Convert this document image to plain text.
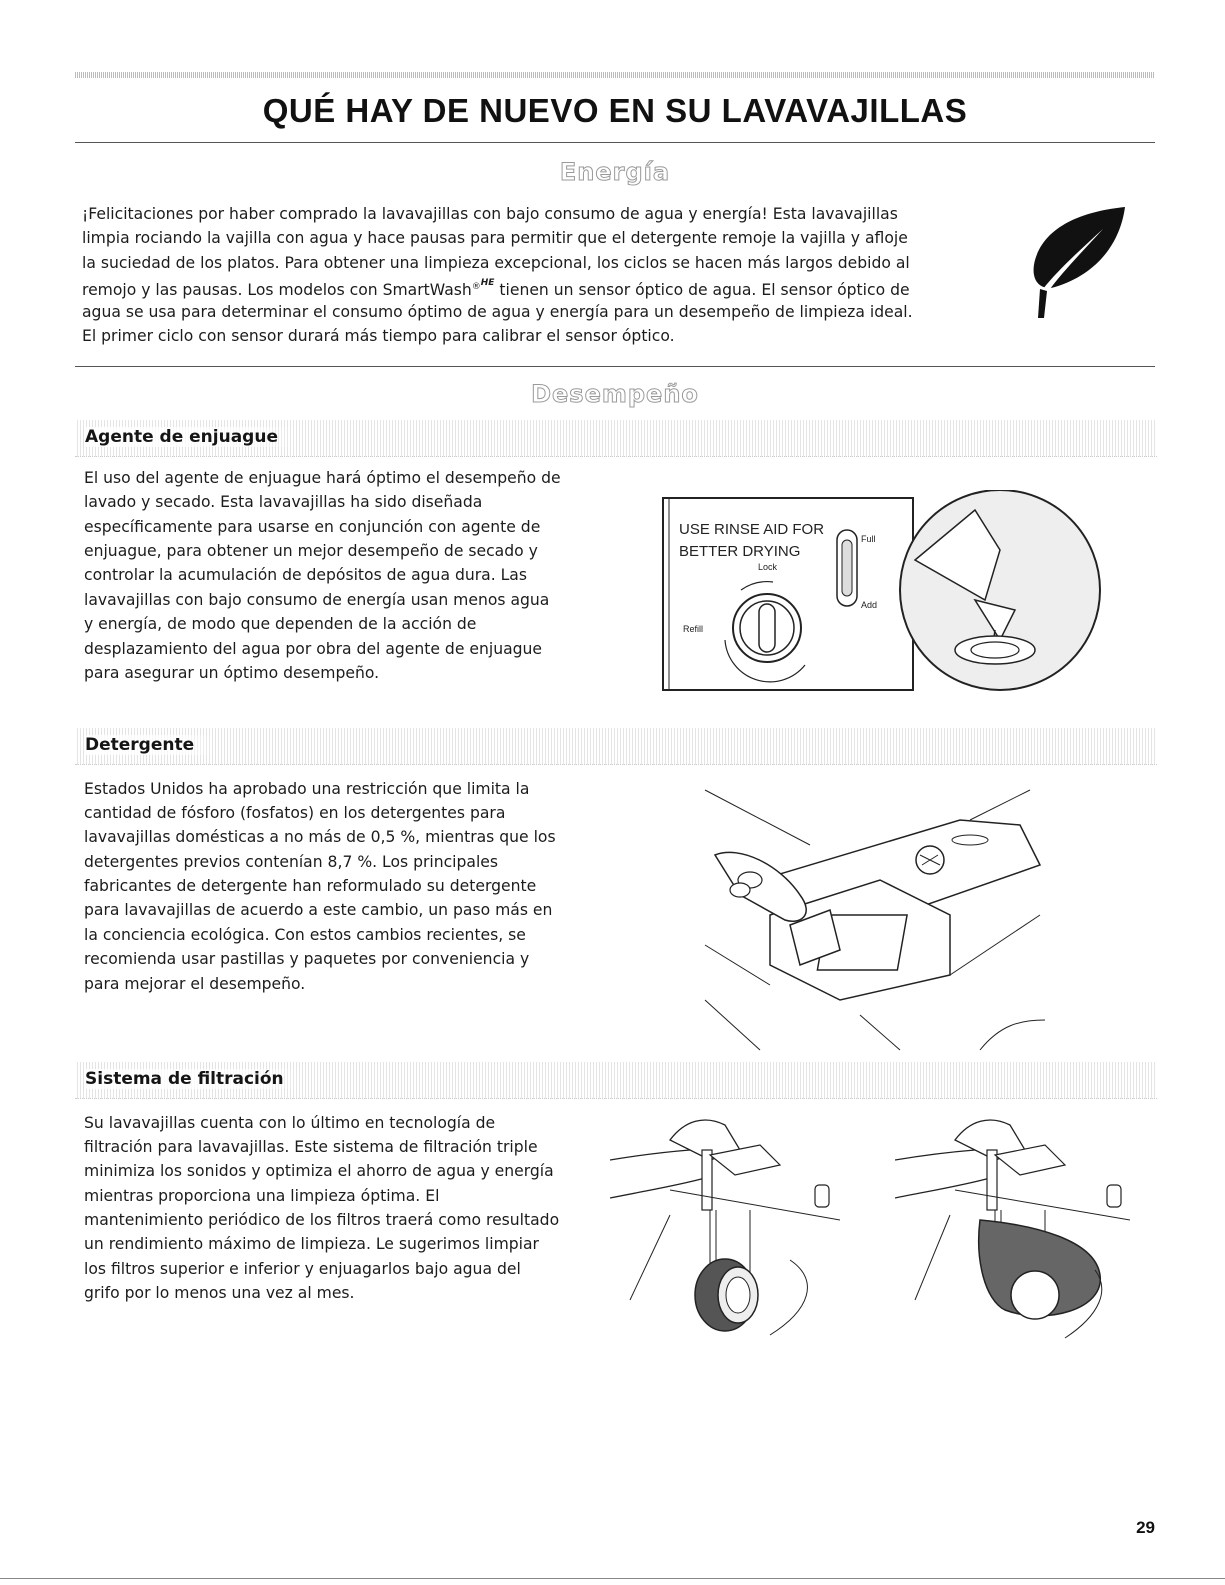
QUÉ HAY DE NUEVO EN SU LAVAVAJILLAS
Energía

¡Felicitaciones por haber comprado la lavavajillas con bajo consumo de agua y energía! Esta lavavajillas

limpia rociando la vajilla con agua y hace pausas para permitir que el detergente remoje la vajilla y afloje

la suciedad de los platos. Para obtener una limpieza excepcional, los ciclos se hacen más largos debido al

remojo y las pausas. Los modelos con SmartWash$^{®HE}$ tienen un sensor óptico de agua. El sensor óptico de

agua se usa para determinar el consumo óptimo de agua y energía para un desempeño de limpieza ideal.

El primer ciclo con sensor durará más tiempo para calibrar el sensor óptico.

Desempeño
Agente de enjuague

El uso del agente de enjuague hará óptimo el desempeño de

lavado y secado. Esta lavavajillas ha sido diseñada

específicamente para usarse en conjunción con agente de

enjuague, para obtener un mejor desempeño de secado y

controlar la acumulación de depósitos de agua dura. Las

lavavajillas con bajo consumo de energía usan menos agua

y energía, de modo que dependen de la acción de

desplazamiento del agua por obra del agente de enjuague

para asegurar un óptimo desempeño.

USE RINSE AID FOR
BETTER DRYING
Lock
Refill
Full
Add
Detergente

Estados Unidos ha aprobado una restricción que limita la

cantidad de fósforo (fosfatos) en los detergentes para

lavavajillas domésticas a no más de 0,5 %, mientras que los

detergentes previos contenían 8,7 %. Los principales

fabricantes de detergente han reformulado su detergente

para lavavajillas de acuerdo a este cambio, un paso más en

la conciencia ecológica. Con estos cambios recientes, se

recomienda usar pastillas y paquetes por conveniencia y

para mejorar el desempeño.

Sistema de filtración

Su lavavajillas cuenta con lo último en tecnología de

filtración para lavavajillas. Este sistema de filtración triple

minimiza los sonidos y optimiza el ahorro de agua y energía

mientras proporciona una limpieza óptima. El

mantenimiento periódico de los filtros traerá como resultado

un rendimiento máximo de limpieza. Le sugerimos limpiar

los filtros superior e inferior y enjuagarlos bajo agua del

grifo por lo menos una vez al mes.

29
